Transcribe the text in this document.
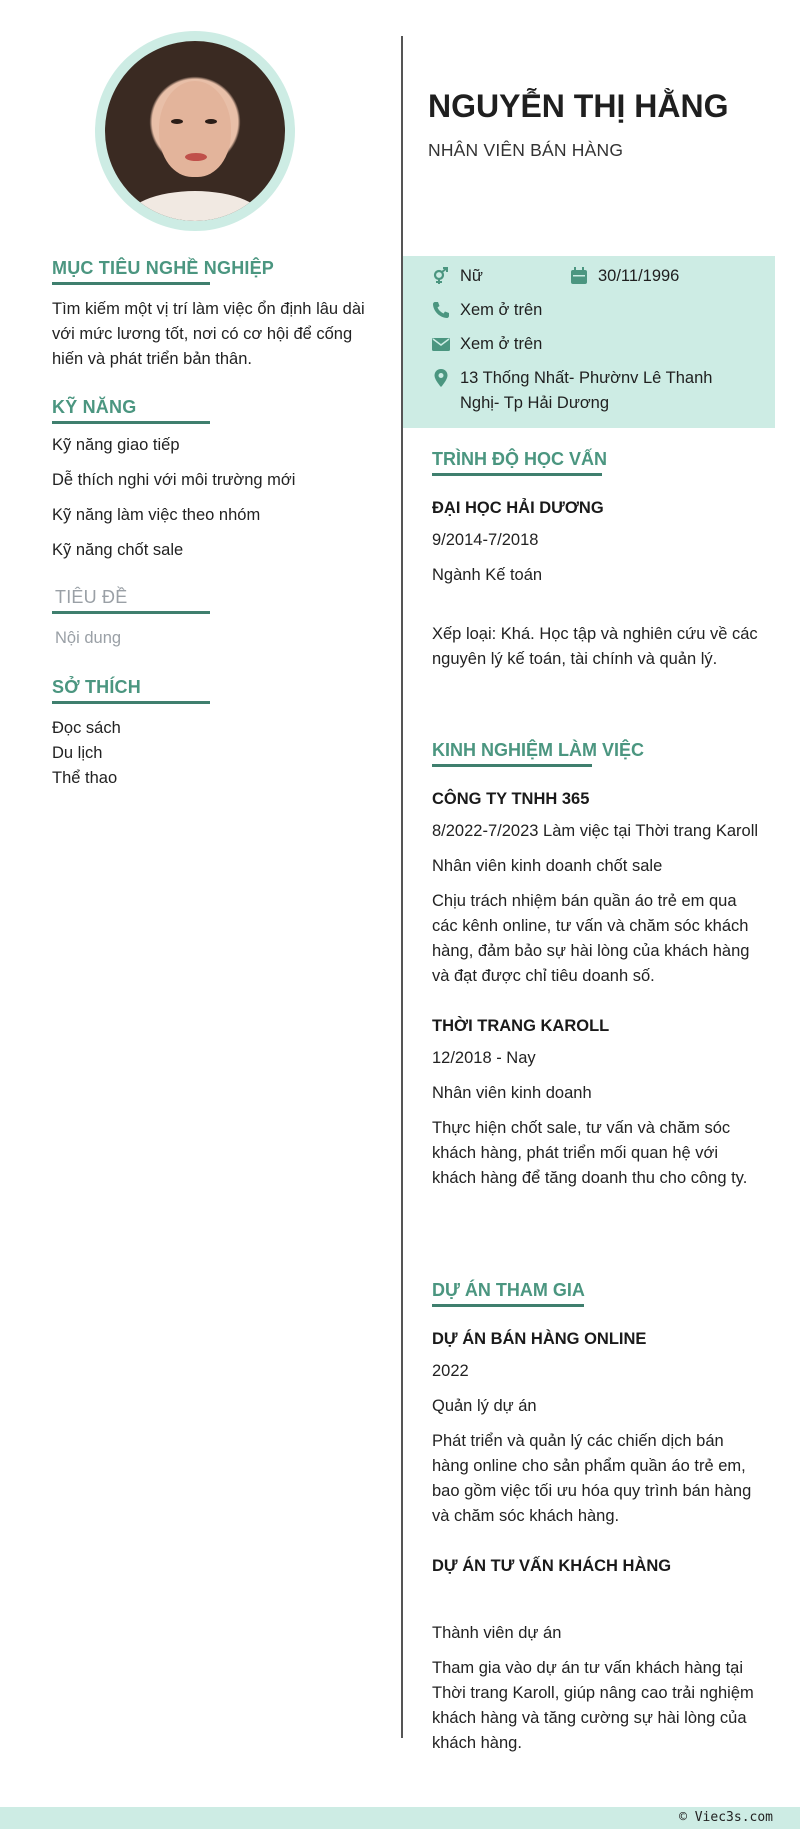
MỤC TIÊU NGHỀ NGHIỆP
Tìm kiếm một vị trí làm việc ổn định lâu dài với mức lương tốt, nơi có cơ hội để cống hiến và phát triển bản thân.
KỸ NĂNG
Kỹ năng giao tiếp
Dễ thích nghi với môi trường mới
Kỹ năng làm việc theo nhóm
Kỹ năng chốt sale
TIÊU ĐỀ
Nội dung
SỞ THÍCH
Đọc sách
Du lịch
Thể thao
NGUYỄN THỊ HẰNG
NHÂN VIÊN BÁN HÀNG
Nữ	30/11/1996
Xem ở trên
Xem ở trên
13 Thống Nhất- Phườnv Lê Thanh Nghị- Tp Hải Dương
TRÌNH ĐỘ HỌC VẤN
ĐẠI HỌC HẢI DƯƠNG
9/2014-7/2018
Ngành Kế toán
Xếp loại: Khá. Học tập và nghiên cứu về các nguyên lý kế toán, tài chính và quản lý.
KINH NGHIỆM LÀM VIỆC
CÔNG TY TNHH 365
8/2022-7/2023 Làm việc tại Thời trang Karoll
Nhân viên kinh doanh chốt sale
Chịu trách nhiệm bán quần áo trẻ em qua các kênh online, tư vấn và chăm sóc khách hàng, đảm bảo sự hài lòng của khách hàng và đạt được chỉ tiêu doanh số.
THỜI TRANG KAROLL
12/2018 - Nay
Nhân viên kinh doanh
Thực hiện chốt sale, tư vấn và chăm sóc khách hàng, phát triển mối quan hệ với khách hàng để tăng doanh thu cho công ty.
DỰ ÁN THAM GIA
DỰ ÁN BÁN HÀNG ONLINE
2022
Quản lý dự án
Phát triển và quản lý các chiến dịch bán hàng online cho sản phẩm quần áo trẻ em, bao gồm việc tối ưu hóa quy trình bán hàng và chăm sóc khách hàng.
DỰ ÁN TƯ VẤN KHÁCH HÀNG
Thành viên dự án
Tham gia vào dự án tư vấn khách hàng tại Thời trang Karoll, giúp nâng cao trải nghiệm khách hàng và tăng cường sự hài lòng của khách hàng.
© Viec3s.com
